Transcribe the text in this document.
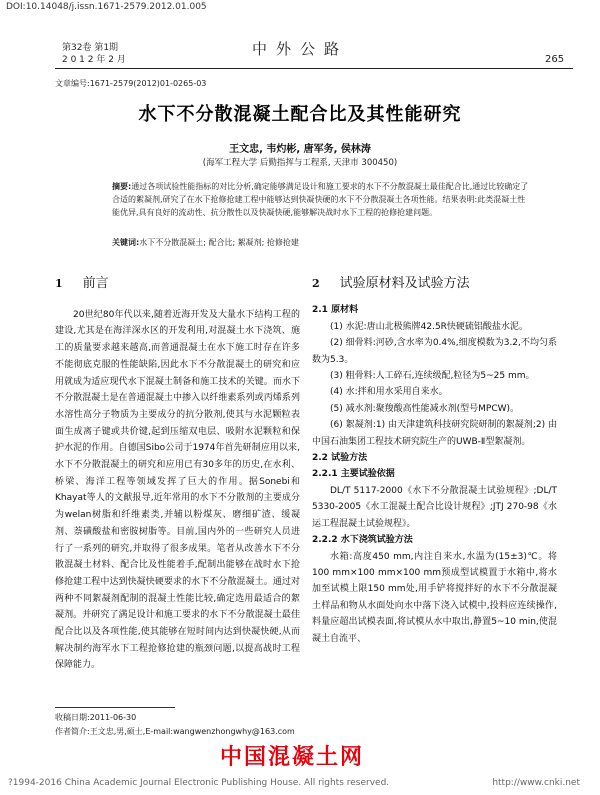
DOI:10.14048/j.issn.1671-2579.2012.01.005
第32卷 第1期
2 0 1 2 年 2 月
中外公路
265
文章编号:1671-2579(2012)01-0265-03
水下不分散混凝土配合比及其性能研究
王文忠, 韦灼彬, 唐军务, 侯林涛
(海军工程大学 后勤指挥与工程系, 天津市 300450)
摘要:通过各项试验性能指标的对比分析,确定能够满足设计和施工要求的水下不分散混凝土最佳配合比,通过比较确定了合适的絮凝剂,研究了在水下抢修抢建工程中能够达到快凝快硬的水下不分散混凝土各项性能。结果表明:此类混凝土性能优异,具有良好的流动性、抗分散性以及快凝快硬,能够解决战时水下工程的抢修抢建问题。
关键词:水下不分散混凝土; 配合比; 絮凝剂; 抢修抢建
1 前言

20世纪80年代以来,随着近海开发及大量水下结构工程的建设,尤其是在海洋深水区的开发利用,对混凝土水下浇筑、施工的质量要求越来越高,而普通混凝土在水下施工时存在许多不能彻底克服的性能缺陷,因此水下不分散混凝土的研究和应用就成为适应现代水下混凝土制备和施工技术的关键。而水下不分散混凝土是在普通混凝土中掺入以纤维素系列或丙烯系列水溶性高分子物质为主要成分的抗分散剂,使其与水泥颗粒表面生成离子键或共价键,起到压缩双电层、吸附水泥颗粒和保护水泥的作用。自德国Sibo公司于1974年首先研制应用以来,水下不分散混凝土的研究和应用已有30多年的历史,在水利、桥梁、海洋工程等领域发挥了巨大的作用。据Sonebi和Khayat等人的文献报导,近年常用的水下不分散剂的主要成分为welan树脂和纤维素类,并辅以粉煤灰、磨细矿渣、缓凝剂、萘磺酸盐和密胺树脂等。目前,国内外的一些研究人员进行了一系列的研究,并取得了很多成果。笔者从改善水下不分散混凝土材料、配合比及性能着手,配制出能够在战时水下抢修抢建工程中达到快凝快硬要求的水下不分散混凝土。通过对两种不同絮凝剂配制的混凝土性能比较,确定选用最适合的絮凝剂。并研究了满足设计和施工要求的水下不分散混凝土最佳配合比以及各项性能,使其能够在短时间内达到快凝快硬,从而解决制约海军水下工程抢修抢建的瓶颈问题,以提高战时工程保障能力。

2 试验原材料及试验方法
2.1 原材料

(1) 水泥:唐山北极熊牌42.5R快硬硫铝酸盐水泥。

(2) 细骨料:河砂,含水率为0.4%,细度模数为3.2,不均匀系数为5.3。

(3) 粗骨料:人工碎石,连续级配,粒径为5~25 mm。

(4) 水:拌和用水采用自来水。

(5) 减水剂:聚羧酸高性能减水剂(型号MPCW)。

(6) 絮凝剂:1) 由天津建筑科技研究院研制的絮凝剂;2) 由中国石油集团工程技术研究院生产的UWB-Ⅱ型絮凝剂。

2.2 试验方法
2.2.1 主要试验依据

DL/T 5117-2000《水下不分散混凝土试验规程》;DL/T 5330-2005《水工混凝土配合比设计规程》;JTJ 270-98《水运工程混凝土试验规程》。

2.2.2 水下浇筑试验方法

水箱:高度450 mm,内注自来水,水温为(15±3)℃。将100 mm×100 mm×100 mm预成型试模置于水箱中,将水加至试模上限150 mm处,用手铲将搅拌好的水下不分散混凝土样品和物从水面处向水中落下浇入试模中,投料应连续操作,料量应超出试模表面,将试模从水中取出,静置5~10 min,使混凝土自流平、

收稿日期:2011-06-30
作者简介:王文忠,男,硕士,E-mail:wangwenzhongwhy@163.com
中国混凝土网
?1994-2016 China Academic Journal Electronic Publishing House. All rights reserved.	http://www.cnki.net
